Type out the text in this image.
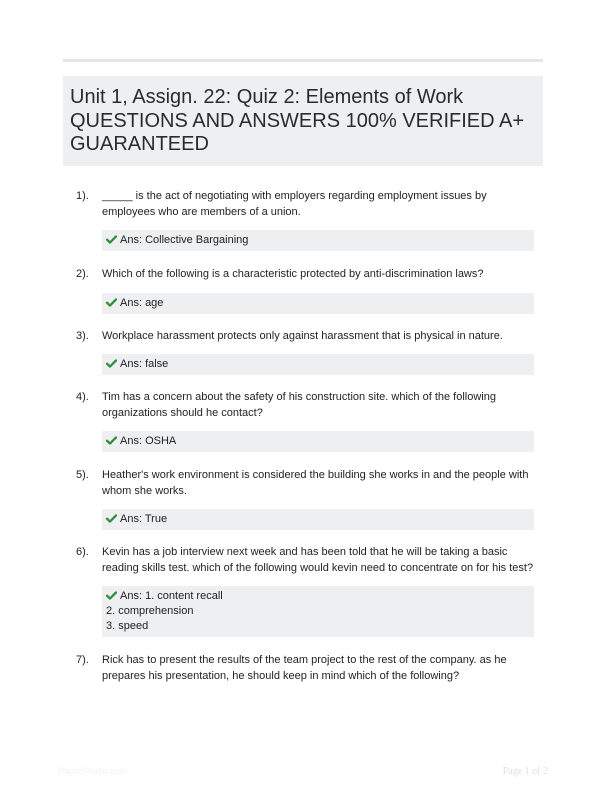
Unit 1, Assign. 22: Quiz 2: Elements of Work QUESTIONS AND ANSWERS 100% VERIFIED A+ GUARANTEED
1). _____ is the act of negotiating with employers regarding employment issues by employees who are members of a union.
Ans: Collective Bargaining
2). Which of the following is a characteristic protected by anti-discrimination laws?
Ans: age
3). Workplace harassment protects only against harassment that is physical in nature.
Ans: false
4). Tim has a concern about the safety of his construction site. which of the following organizations should he contact?
Ans: OSHA
5). Heather's work environment is considered the building she works in and the people with whom she works.
Ans: True
6). Kevin has a job interview next week and has been told that he will be taking a basic reading skills test. which of the following would kevin need to concentrate on for his test?
Ans: 1. content recall
2. comprehension
3. speed
7). Rick has to present the results of the team project to the rest of the company. as he prepares his presentation, he should keep in mind which of the following?
PaperStudio.com	Page 1 of 2
